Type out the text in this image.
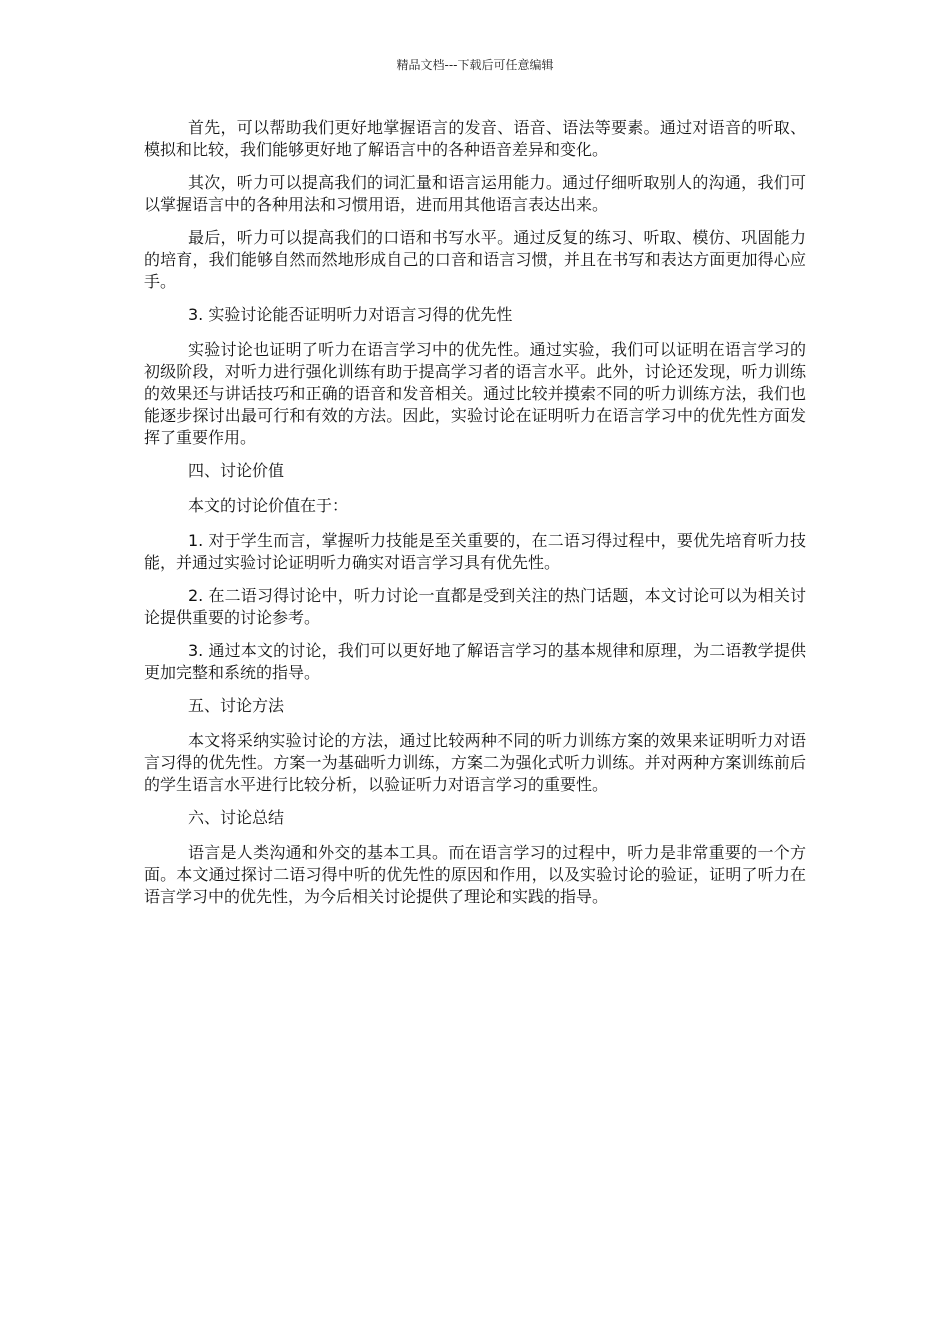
精品文档---下载后可任意编辑

首先，可以帮助我们更好地掌握语言的发音、语音、语法等要素。通过对语音的听取、模拟和比较，我们能够更好地了解语言中的各种语音差异和变化。

其次，听力可以提高我们的词汇量和语言运用能力。通过仔细听取别人的沟通，我们可以掌握语言中的各种用法和习惯用语，进而用其他语言表达出来。

最后，听力可以提高我们的口语和书写水平。通过反复的练习、听取、模仿、巩固能力的培育，我们能够自然而然地形成自己的口音和语言习惯，并且在书写和表达方面更加得心应手。

3. 实验讨论能否证明听力对语言习得的优先性

实验讨论也证明了听力在语言学习中的优先性。通过实验，我们可以证明在语言学习的初级阶段，对听力进行强化训练有助于提高学习者的语言水平。此外，讨论还发现，听力训练的效果还与讲话技巧和正确的语音和发音相关。通过比较并摸索不同的听力训练方法，我们也能逐步探讨出最可行和有效的方法。因此，实验讨论在证明听力在语言学习中的优先性方面发挥了重要作用。

四、讨论价值

本文的讨论价值在于：

1. 对于学生而言，掌握听力技能是至关重要的，在二语习得过程中，要优先培育听力技能，并通过实验讨论证明听力确实对语言学习具有优先性。

2. 在二语习得讨论中，听力讨论一直都是受到关注的热门话题，本文讨论可以为相关讨论提供重要的讨论参考。

3. 通过本文的讨论，我们可以更好地了解语言学习的基本规律和原理，为二语教学提供更加完整和系统的指导。

五、讨论方法

本文将采纳实验讨论的方法，通过比较两种不同的听力训练方案的效果来证明听力对语言习得的优先性。方案一为基础听力训练，方案二为强化式听力训练。并对两种方案训练前后的学生语言水平进行比较分析，以验证听力对语言学习的重要性。

六、讨论总结

语言是人类沟通和外交的基本工具。而在语言学习的过程中，听力是非常重要的一个方面。本文通过探讨二语习得中听的优先性的原因和作用，以及实验讨论的验证，证明了听力在语言学习中的优先性，为今后相关讨论提供了理论和实践的指导。
